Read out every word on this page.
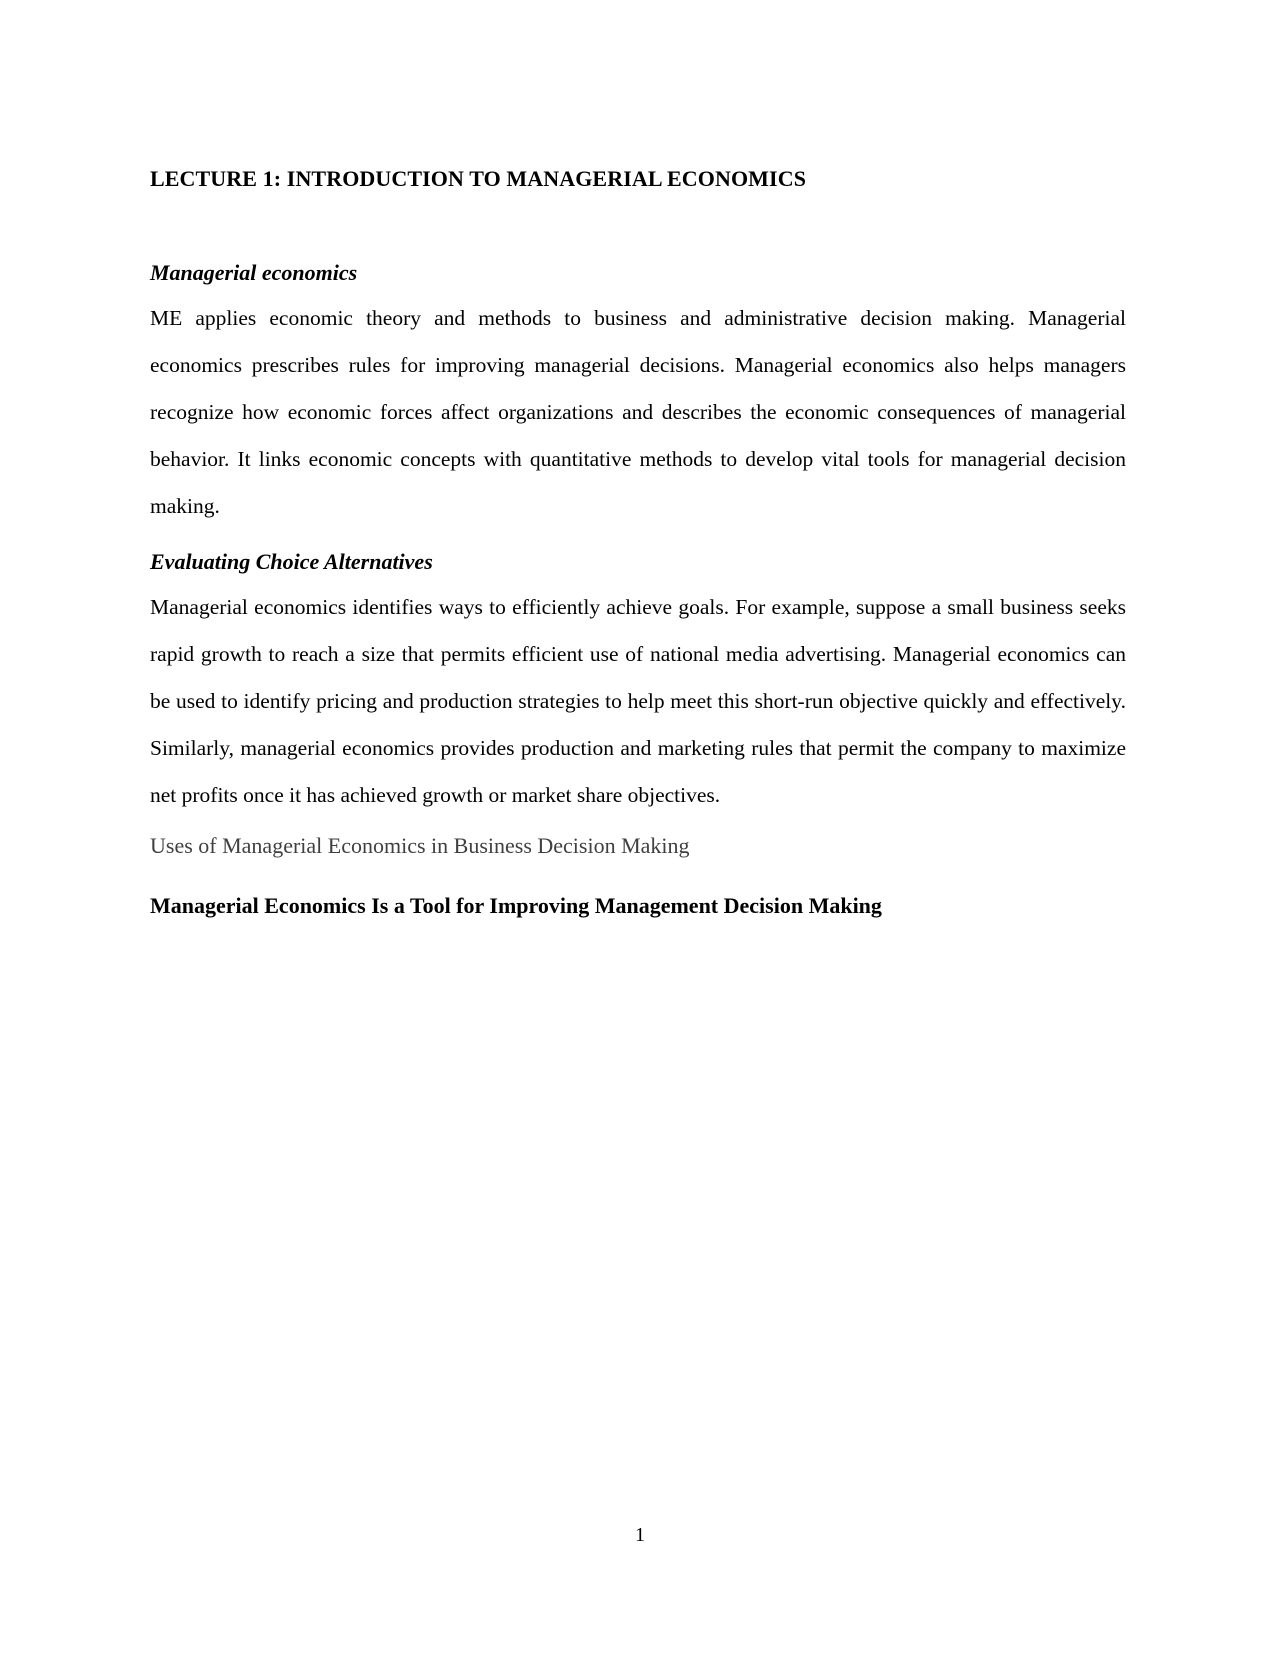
LECTURE 1: INTRODUCTION TO MANAGERIAL ECONOMICS
Managerial economics

ME applies economic theory and methods to business and administrative decision making. Managerial economics prescribes rules for improving managerial decisions. Managerial economics also helps managers recognize how economic forces affect organizations and describes the economic consequences of managerial behavior. It links economic concepts with quantitative methods to develop vital tools for managerial decision making.

Evaluating Choice Alternatives

Managerial economics identifies ways to efficiently achieve goals. For example, suppose a small business seeks rapid growth to reach a size that permits efficient use of national media advertising. Managerial economics can be used to identify pricing and production strategies to help meet this short-run objective quickly and effectively. Similarly, managerial economics provides production and marketing rules that permit the company to maximize net profits once it has achieved growth or market share objectives.

Uses of Managerial Economics in Business Decision Making
Managerial Economics Is a Tool for Improving Management Decision Making
1
